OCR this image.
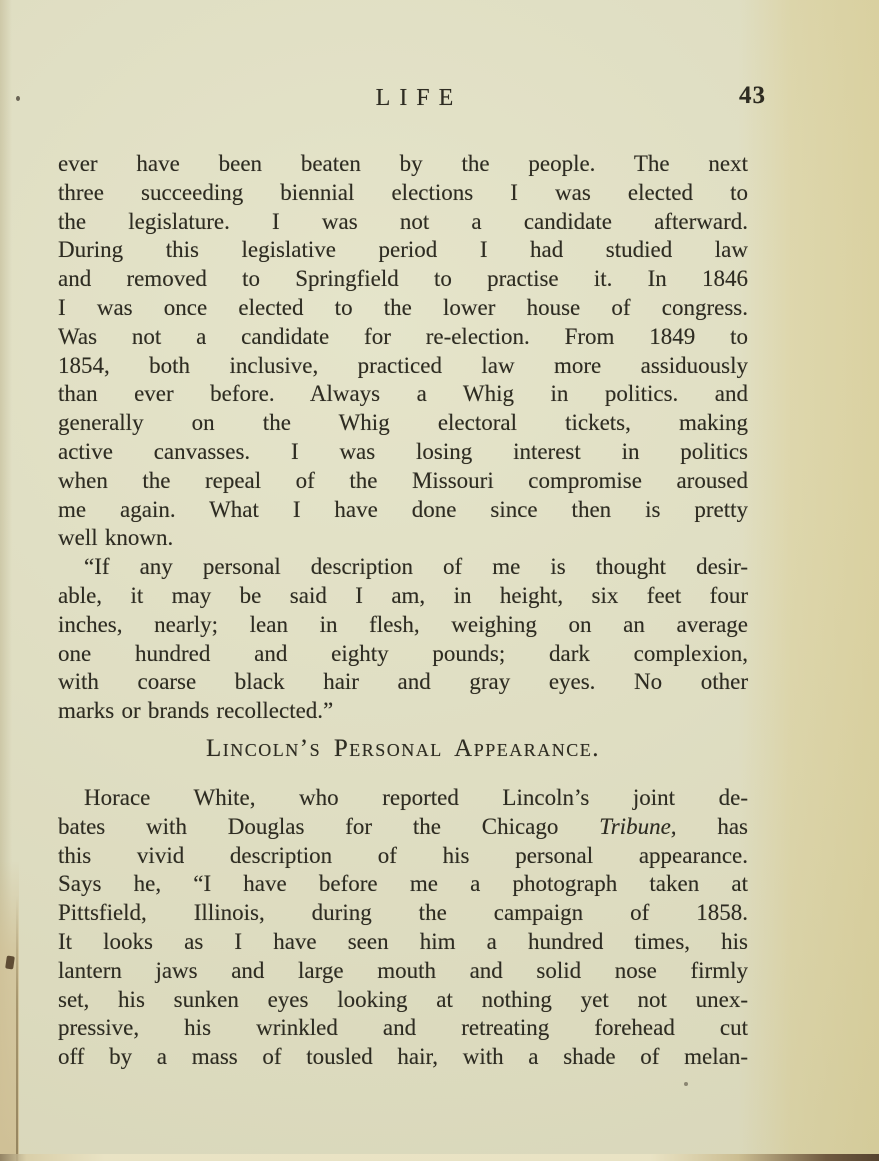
LIFE	43
ever have been beaten by the people. The next
three succeeding biennial elections I was elected to
the legislature. I was not a candidate afterward.
During this legislative period I had studied law
and removed to Springfield to practise it. In 1846
I was once elected to the lower house of congress.
Was not a candidate for re-election. From 1849 to
1854, both inclusive, practiced law more assiduously
than ever before. Always a Whig in politics. and
generally on the Whig electoral tickets, making
active canvasses. I was losing interest in politics
when the repeal of the Missouri compromise aroused
me again. What I have done since then is pretty
well known.
“If any personal description of me is thought desir-
able, it may be said I am, in height, six feet four
inches, nearly; lean in flesh, weighing on an average
one hundred and eighty pounds; dark complexion,
with coarse black hair and gray eyes. No other
marks or brands recollected.”
Lincoln’s Personal Appearance.
Horace White, who reported Lincoln’s joint de-
bates with Douglas for the Chicago Tribune, has
this vivid description of his personal appearance.
Says he, “I have before me a photograph taken at
Pittsfield, Illinois, during the campaign of 1858.
It looks as I have seen him a hundred times, his
lantern jaws and large mouth and solid nose firmly
set, his sunken eyes looking at nothing yet not unex-
pressive, his wrinkled and retreating forehead cut
off by a mass of tousled hair, with a shade of melan-
